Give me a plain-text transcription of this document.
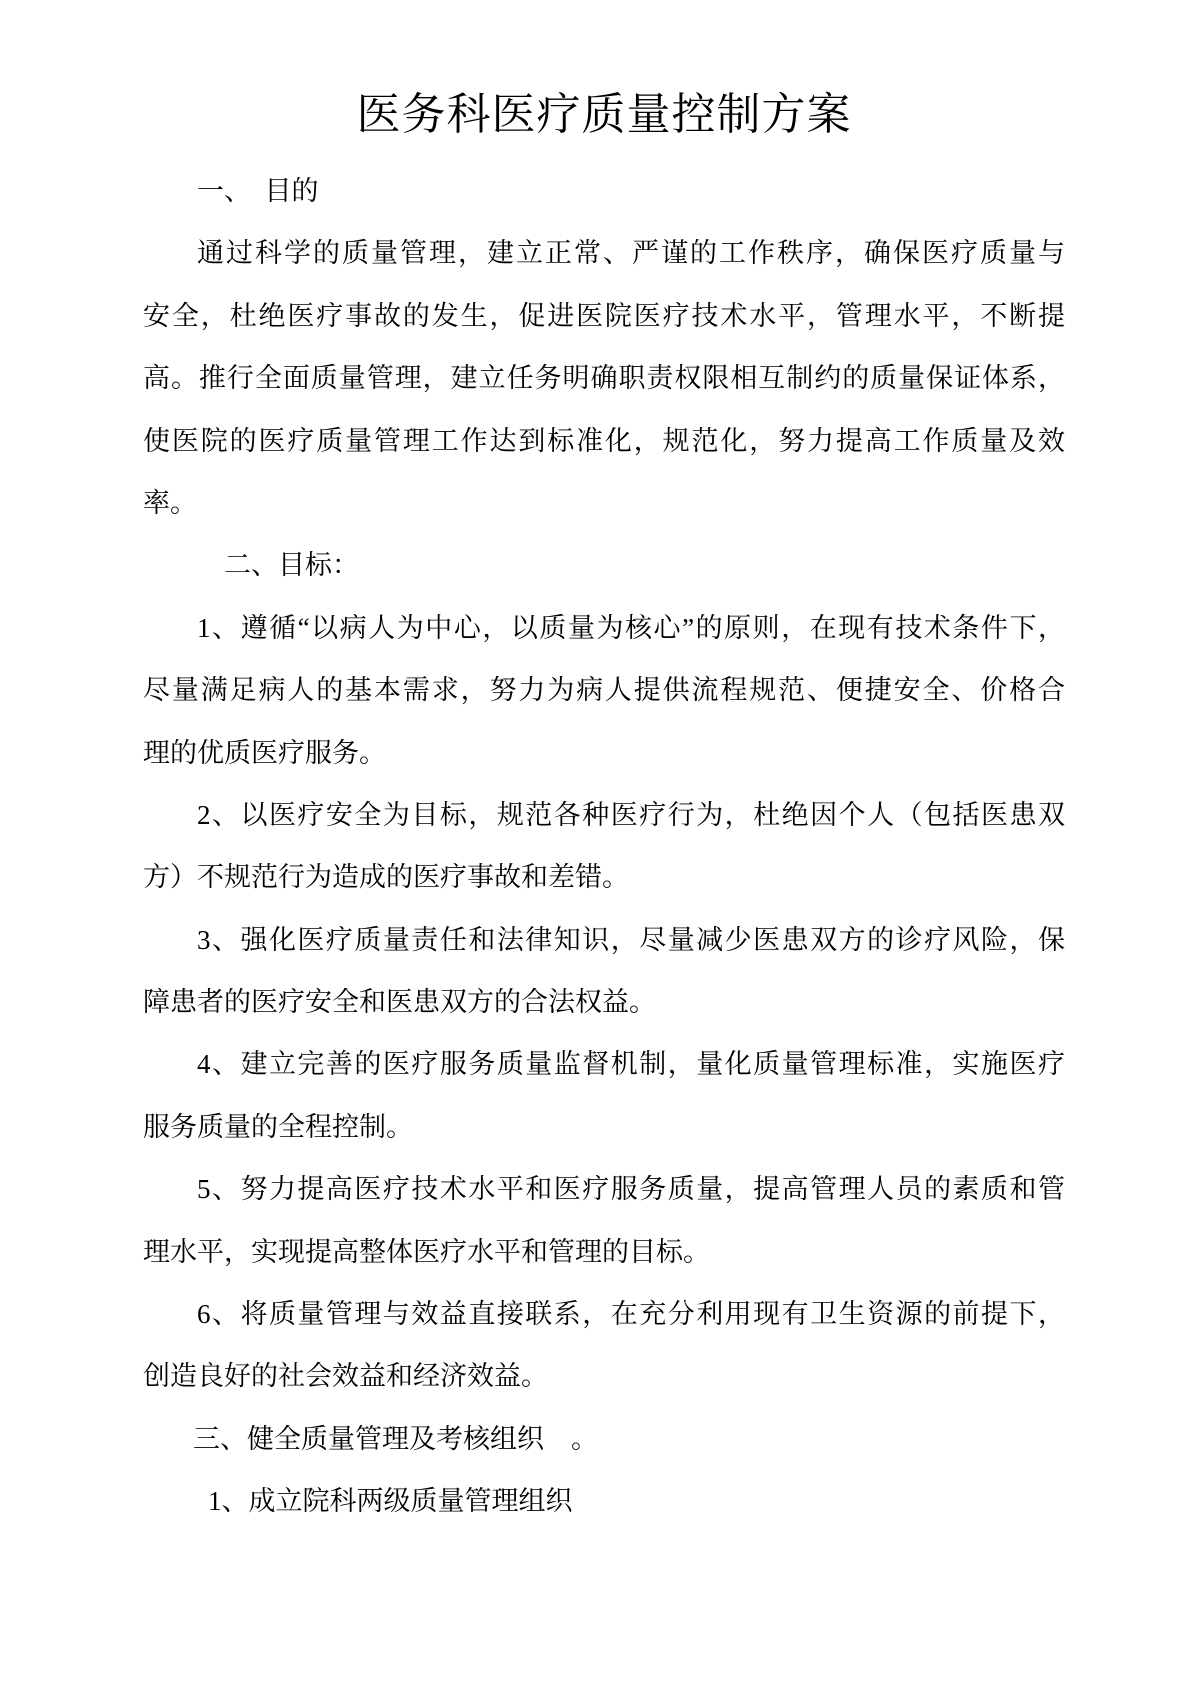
医务科医疗质量控制方案
一、　目的
通过科学的质量管理，建立正常、严谨的工作秩序，确保医疗质量与
安全，杜绝医疗事故的发生，促进医院医疗技术水平，管理水平，不断提
高。推行全面质量管理，建立任务明确职责权限相互制约的质量保证体系，
使医院的医疗质量管理工作达到标准化，规范化，努力提高工作质量及效
率。
二、目标：
1、遵循“以病人为中心，以质量为核心”的原则，在现有技术条件下，
尽量满足病人的基本需求，努力为病人提供流程规范、便捷安全、价格合
理的优质医疗服务。
2、以医疗安全为目标，规范各种医疗行为，杜绝因个人（包括医患双
方）不规范行为造成的医疗事故和差错。
3、强化医疗质量责任和法律知识，尽量减少医患双方的诊疗风险，保
障患者的医疗安全和医患双方的合法权益。
4、建立完善的医疗服务质量监督机制，量化质量管理标准，实施医疗
服务质量的全程控制。
5、努力提高医疗技术水平和医疗服务质量，提高管理人员的素质和管
理水平，实现提高整体医疗水平和管理的目标。
6、将质量管理与效益直接联系，在充分利用现有卫生资源的前提下，
创造良好的社会效益和经济效益。
三、健全质量管理及考核组织　。
1、成立院科两级质量管理组织
